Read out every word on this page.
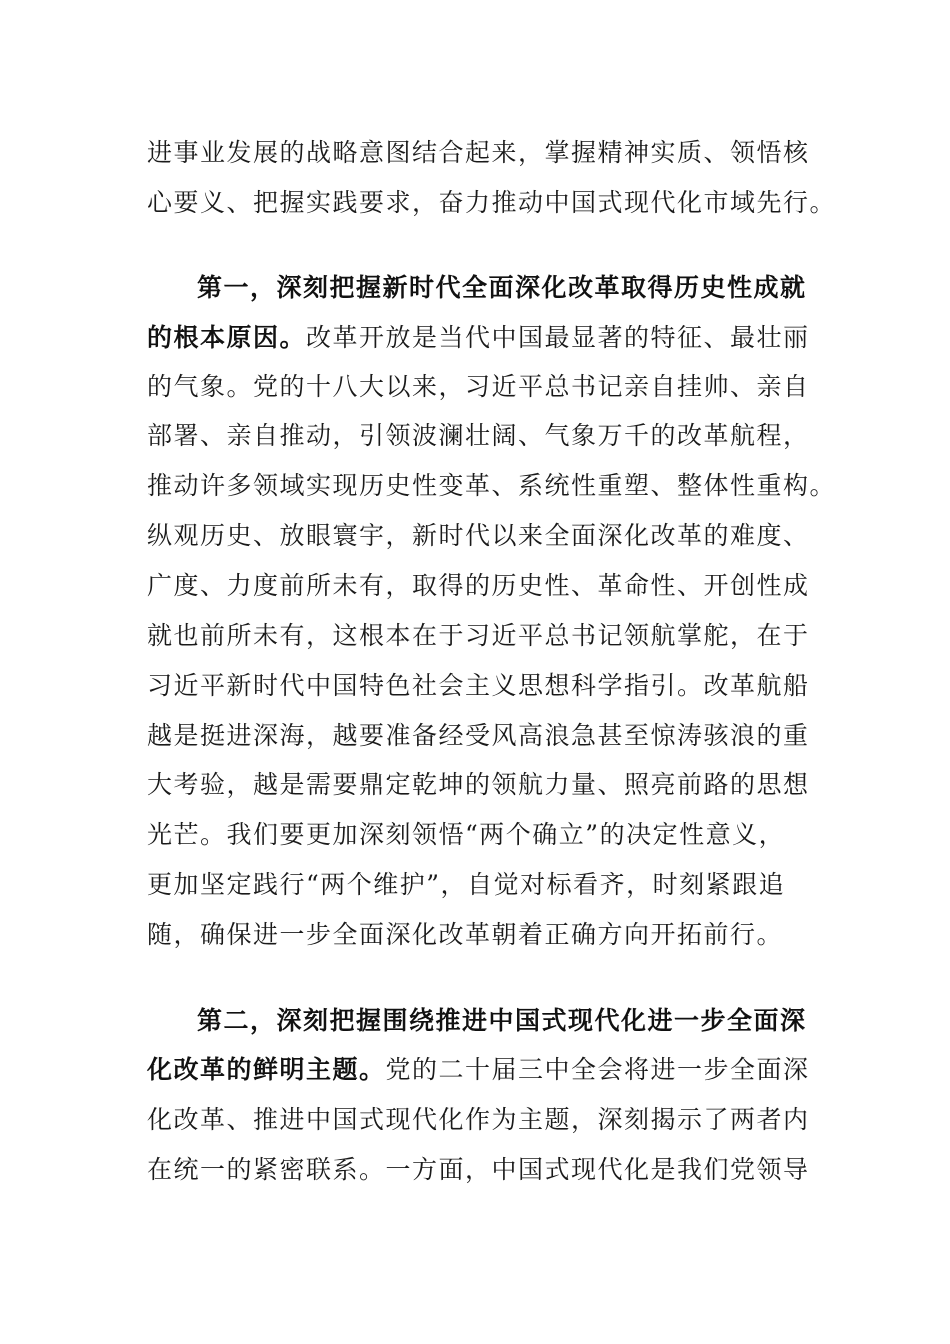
进事业发展的战略意图结合起来，掌握精神实质、领悟核
心要义、把握实践要求，奋力推动中国式现代化市域先行。
第一，深刻把握新时代全面深化改革取得历史性成就
的根本原因。改革开放是当代中国最显著的特征、最壮丽
的气象。党的十八大以来，习近平总书记亲自挂帅、亲自
部署、亲自推动，引领波澜壮阔、气象万千的改革航程，
推动许多领域实现历史性变革、系统性重塑、整体性重构。
纵观历史、放眼寰宇，新时代以来全面深化改革的难度、
广度、力度前所未有，取得的历史性、革命性、开创性成
就也前所未有，这根本在于习近平总书记领航掌舵，在于
习近平新时代中国特色社会主义思想科学指引。改革航船
越是挺进深海，越要准备经受风高浪急甚至惊涛骇浪的重
大考验，越是需要鼎定乾坤的领航力量、照亮前路的思想
光芒。我们要更加深刻领悟“两个确立”的决定性意义，
更加坚定践行“两个维护”，自觉对标看齐，时刻紧跟追
随，确保进一步全面深化改革朝着正确方向开拓前行。
第二，深刻把握围绕推进中国式现代化进一步全面深
化改革的鲜明主题。党的二十届三中全会将进一步全面深
化改革、推进中国式现代化作为主题，深刻揭示了两者内
在统一的紧密联系。一方面，中国式现代化是我们党领导
